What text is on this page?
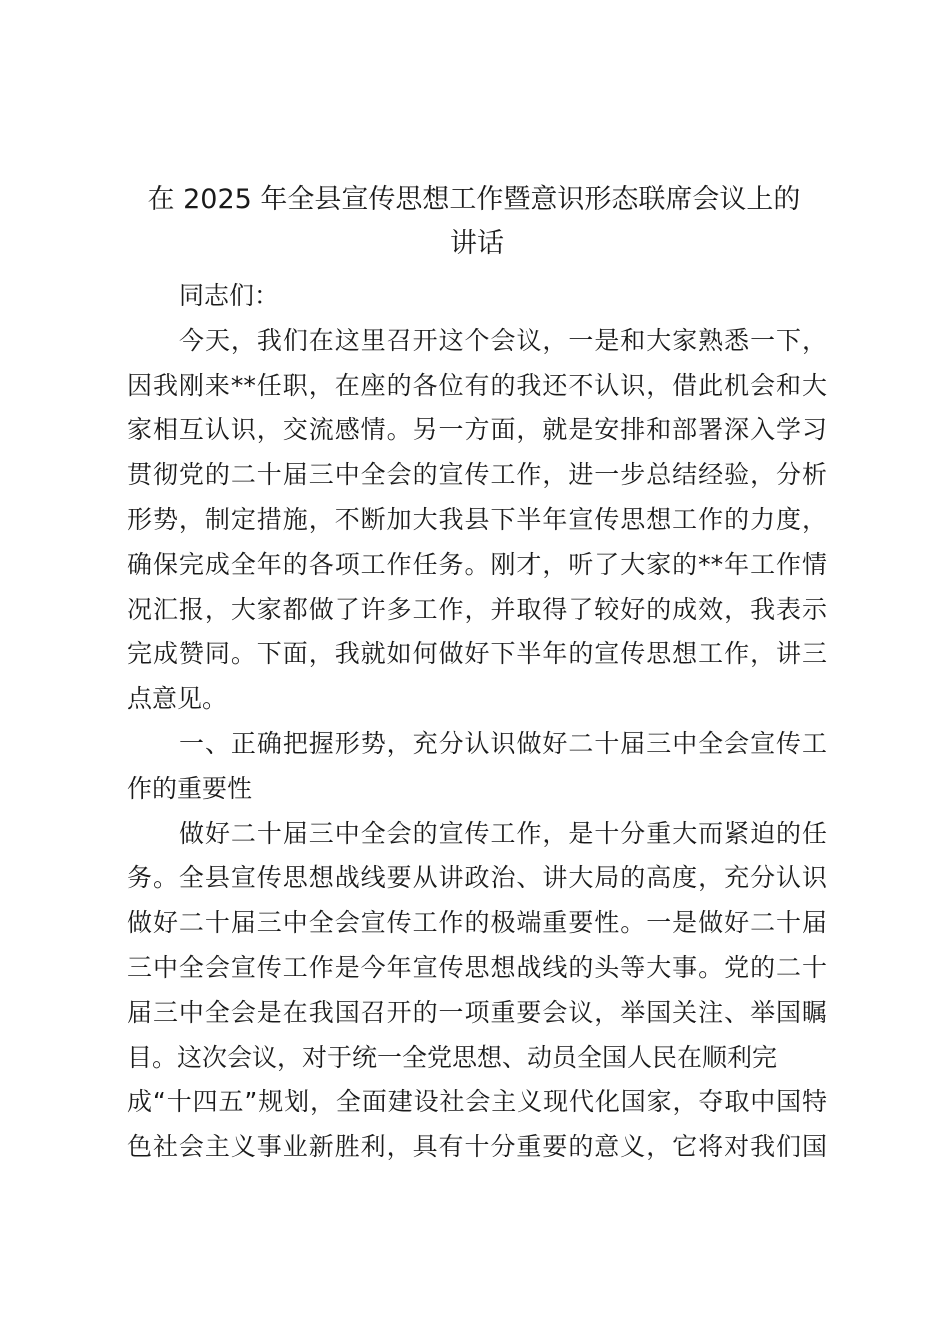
在 2025 年全县宣传思想工作暨意识形态联席会议上的
讲话
同志们：
今天，我们在这里召开这个会议，一是和大家熟悉一下，
因我刚来**任职，在座的各位有的我还不认识，借此机会和大
家相互认识，交流感情。另一方面，就是安排和部署深入学习
贯彻党的二十届三中全会的宣传工作，进一步总结经验，分析
形势，制定措施，不断加大我县下半年宣传思想工作的力度，
确保完成全年的各项工作任务。刚才，听了大家的**年工作情
况汇报，大家都做了许多工作，并取得了较好的成效，我表示
完成赞同。下面，我就如何做好下半年的宣传思想工作，讲三
点意见。
一、正确把握形势，充分认识做好二十届三中全会宣传工
作的重要性
做好二十届三中全会的宣传工作，是十分重大而紧迫的任
务。全县宣传思想战线要从讲政治、讲大局的高度，充分认识
做好二十届三中全会宣传工作的极端重要性。一是做好二十届
三中全会宣传工作是今年宣传思想战线的头等大事。党的二十
届三中全会是在我国召开的一项重要会议，举国关注、举国瞩
目。这次会议，对于统一全党思想、动员全国人民在顺利完
成“十四五”规划，全面建设社会主义现代化国家，夺取中国特
色社会主义事业新胜利，具有十分重要的意义，它将对我们国
